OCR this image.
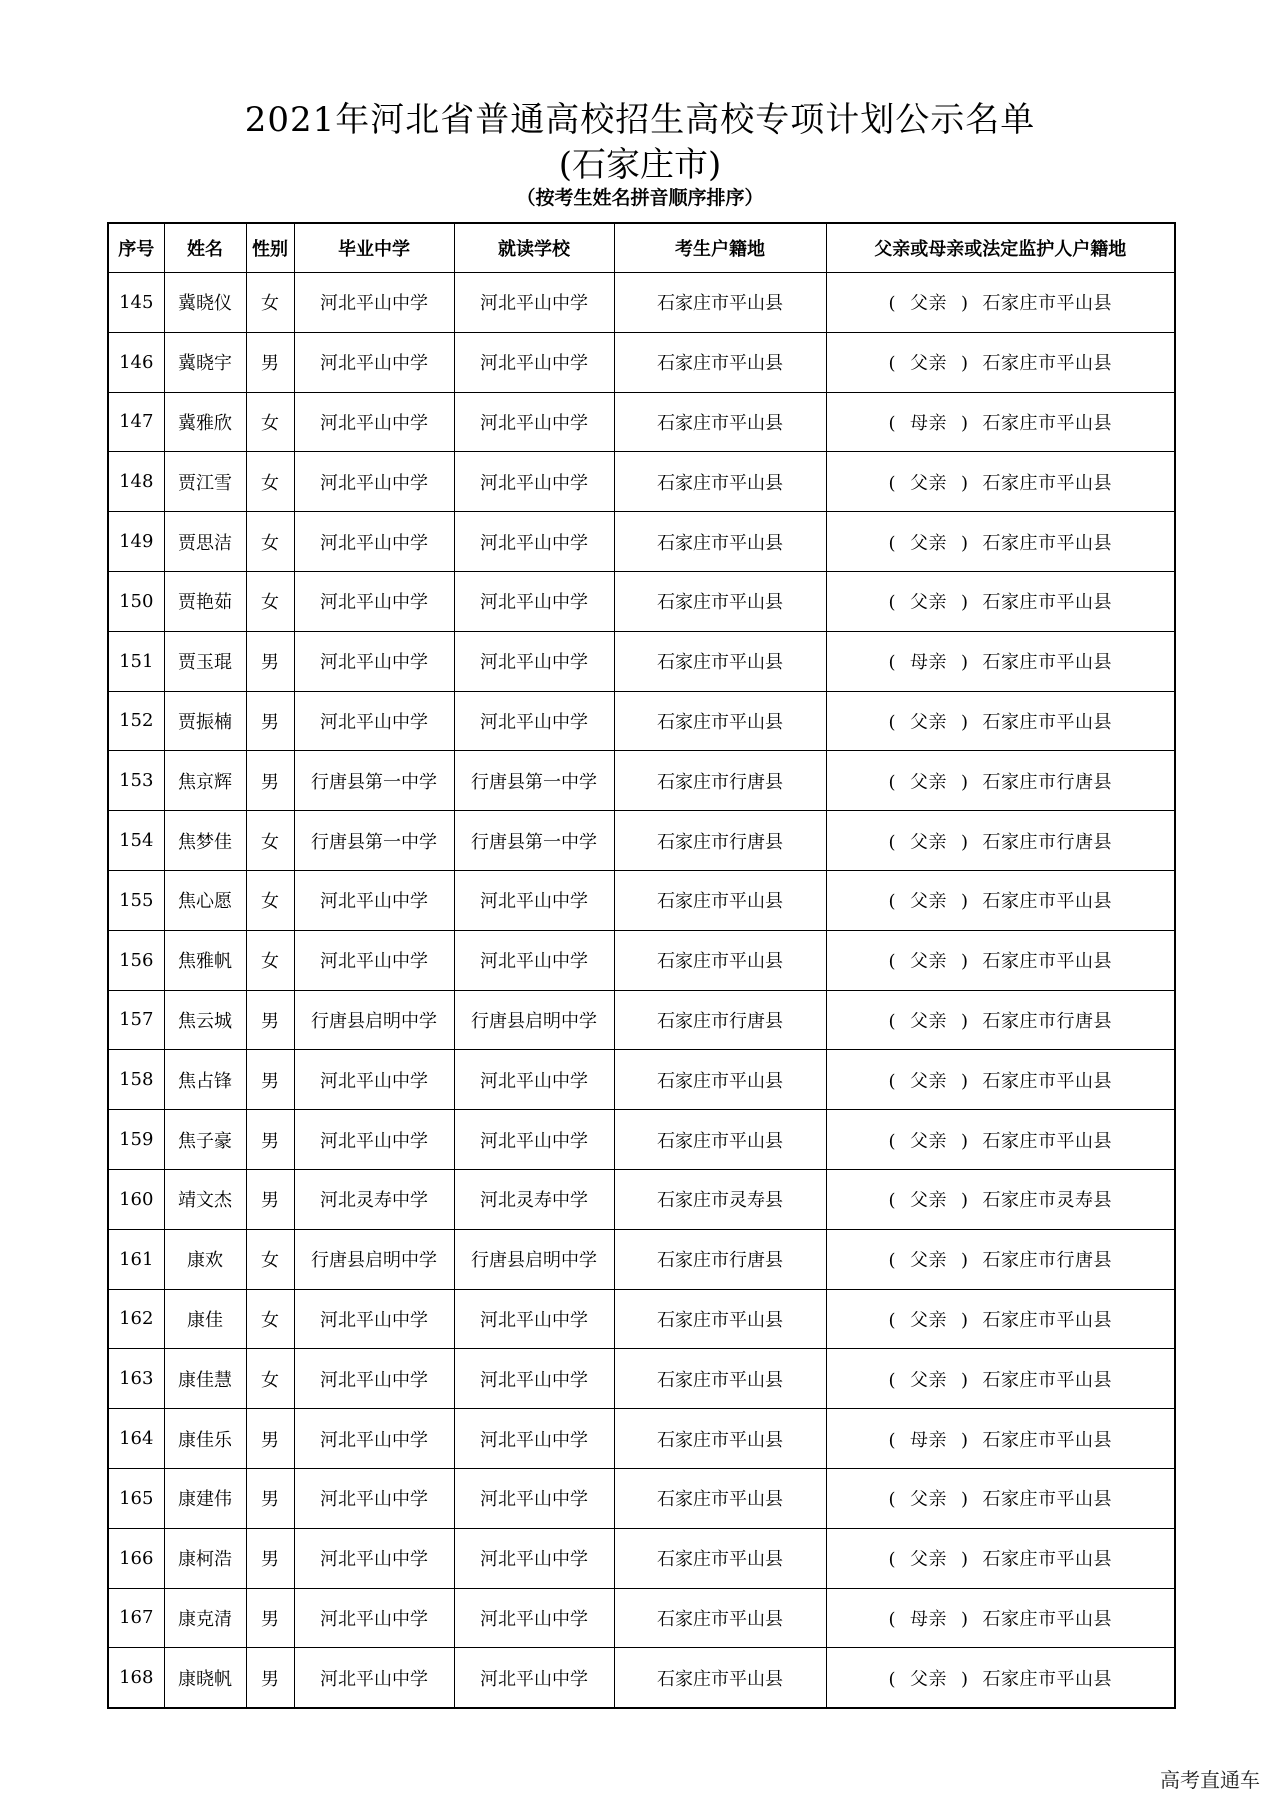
2021年河北省普通高校招生高校专项计划公示名单
(石家庄市)
（按考生姓名拼音顺序排序）
序号	姓名	性别	毕业中学	就读学校	考生户籍地	父亲或母亲或法定监护人户籍地
145	冀晓仪	女	河北平山中学	河北平山中学	石家庄市平山县	( 父亲 ) 石家庄市平山县
146	冀晓宇	男	河北平山中学	河北平山中学	石家庄市平山县	( 父亲 ) 石家庄市平山县
147	冀雅欣	女	河北平山中学	河北平山中学	石家庄市平山县	( 母亲 ) 石家庄市平山县
148	贾江雪	女	河北平山中学	河北平山中学	石家庄市平山县	( 父亲 ) 石家庄市平山县
149	贾思洁	女	河北平山中学	河北平山中学	石家庄市平山县	( 父亲 ) 石家庄市平山县
150	贾艳茹	女	河北平山中学	河北平山中学	石家庄市平山县	( 父亲 ) 石家庄市平山县
151	贾玉琨	男	河北平山中学	河北平山中学	石家庄市平山县	( 母亲 ) 石家庄市平山县
152	贾振楠	男	河北平山中学	河北平山中学	石家庄市平山县	( 父亲 ) 石家庄市平山县
153	焦京辉	男	行唐县第一中学	行唐县第一中学	石家庄市行唐县	( 父亲 ) 石家庄市行唐县
154	焦梦佳	女	行唐县第一中学	行唐县第一中学	石家庄市行唐县	( 父亲 ) 石家庄市行唐县
155	焦心愿	女	河北平山中学	河北平山中学	石家庄市平山县	( 父亲 ) 石家庄市平山县
156	焦雅帆	女	河北平山中学	河北平山中学	石家庄市平山县	( 父亲 ) 石家庄市平山县
157	焦云城	男	行唐县启明中学	行唐县启明中学	石家庄市行唐县	( 父亲 ) 石家庄市行唐县
158	焦占锋	男	河北平山中学	河北平山中学	石家庄市平山县	( 父亲 ) 石家庄市平山县
159	焦子豪	男	河北平山中学	河北平山中学	石家庄市平山县	( 父亲 ) 石家庄市平山县
160	靖文杰	男	河北灵寿中学	河北灵寿中学	石家庄市灵寿县	( 父亲 ) 石家庄市灵寿县
161	康欢	女	行唐县启明中学	行唐县启明中学	石家庄市行唐县	( 父亲 ) 石家庄市行唐县
162	康佳	女	河北平山中学	河北平山中学	石家庄市平山县	( 父亲 ) 石家庄市平山县
163	康佳慧	女	河北平山中学	河北平山中学	石家庄市平山县	( 父亲 ) 石家庄市平山县
164	康佳乐	男	河北平山中学	河北平山中学	石家庄市平山县	( 母亲 ) 石家庄市平山县
165	康建伟	男	河北平山中学	河北平山中学	石家庄市平山县	( 父亲 ) 石家庄市平山县
166	康柯浩	男	河北平山中学	河北平山中学	石家庄市平山县	( 父亲 ) 石家庄市平山县
167	康克清	男	河北平山中学	河北平山中学	石家庄市平山县	( 母亲 ) 石家庄市平山县
168	康晓帆	男	河北平山中学	河北平山中学	石家庄市平山县	( 父亲 ) 石家庄市平山县
高考直通车
